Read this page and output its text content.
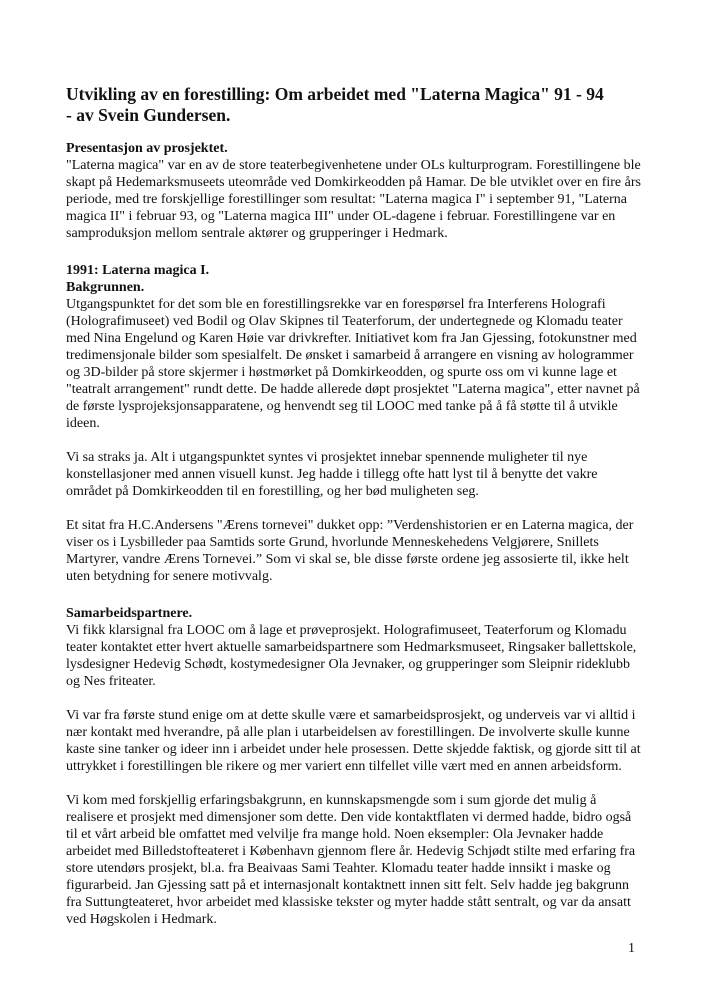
Utvikling av en forestilling: Om arbeidet med "Laterna Magica" 91 - 94
- av Svein Gundersen.
Presentasjon av prosjektet.

"Laterna magica" var en av de store teaterbegivenhetene under OLs kulturprogram. Forestillingene ble skapt på Hedemarksmuseets uteområde ved Domkirkeodden på Hamar. De ble utviklet over en fire års periode, med tre forskjellige forestillinger som resultat: "Laterna magica I" i september 91, "Laterna magica II" i februar 93, og "Laterna magica III" under OL-dagene i februar. Forestillingene var en samproduksjon mellom sentrale aktører og grupperinger i Hedmark.

1991: Laterna magica I.
Bakgrunnen.

Utgangspunktet for det som ble en forestillingsrekke var en forespørsel fra Interferens Holografi (Holografimuseet) ved Bodil og Olav Skipnes til Teaterforum, der undertegnede og Klomadu teater med Nina Engelund og Karen Høie var drivkrefter. Initiativet kom fra Jan Gjessing, fotokunstner med tredimensjonale bilder som spesialfelt. De ønsket i samarbeid å arrangere en visning av hologrammer og 3D-bilder på store skjermer i høstmørket på Domkirkeodden, og spurte oss om vi kunne lage et "teatralt arrangement" rundt dette. De hadde allerede døpt prosjektet "Laterna magica", etter navnet på de første lysprojeksjonsapparatene, og henvendt seg til LOOC med tanke på å få støtte til å utvikle ideen.

Vi sa straks ja. Alt i utgangspunktet syntes vi prosjektet innebar spennende muligheter til nye konstellasjoner med annen visuell kunst. Jeg hadde i tillegg ofte hatt lyst til å benytte det vakre området på Domkirkeodden til en forestilling, og her bød muligheten seg.

Et sitat fra H.C.Andersens "Ærens tornevei" dukket opp: ”Verdenshistorien er en Laterna magica, der viser os i Lysbilleder paa Samtids sorte Grund, hvorlunde Menneskehedens Velgjørere, Snillets Martyrer, vandre Ærens Tornevei.” Som vi skal se, ble disse første ordene jeg assosierte til, ikke helt uten betydning for senere motivvalg.

Samarbeidspartnere.

Vi fikk klarsignal fra LOOC om å lage et prøveprosjekt. Holografimuseet, Teaterforum og Klomadu teater kontaktet etter hvert aktuelle samarbeidspartnere som Hedmarksmuseet, Ringsaker ballettskole, lysdesigner Hedevig Schødt, kostymedesigner Ola Jevnaker, og grupperinger som Sleipnir rideklubb og Nes friteater.

Vi var fra første stund enige om at dette skulle være et samarbeidsprosjekt, og underveis var vi alltid i nær kontakt med hverandre, på alle plan i utarbeidelsen av forestillingen. De involverte skulle kunne kaste sine tanker og ideer inn i arbeidet under hele prosessen. Dette skjedde faktisk, og gjorde sitt til at uttrykket i forestillingen ble rikere og mer variert enn tilfellet ville vært med en annen arbeidsform.

Vi kom med forskjellig erfaringsbakgrunn, en kunnskapsmengde som i sum gjorde det mulig å realisere et prosjekt med dimensjoner som dette. Den vide kontaktflaten vi dermed hadde, bidro også til et vårt arbeid ble omfattet med velvilje fra mange hold. Noen eksempler: Ola Jevnaker hadde arbeidet med Billedstofteateret i København gjennom flere år. Hedevig Schjødt stilte med erfaring fra store utendørs prosjekt, bl.a. fra Beaivaas Sami Teahter. Klomadu teater hadde innsikt i maske og figurarbeid. Jan Gjessing satt på et internasjonalt kontaktnett innen sitt felt. Selv hadde jeg bakgrunn fra Suttungteateret, hvor arbeidet med klassiske tekster og myter hadde stått sentralt, og var da ansatt ved Høgskolen i Hedmark.

1
